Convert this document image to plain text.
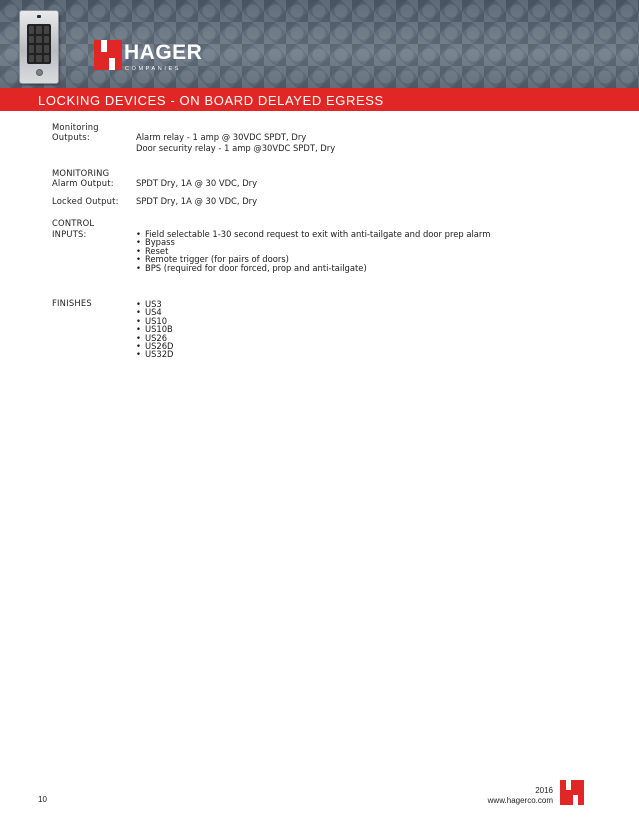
HAGER
COMPANIES
LOCKING DEVICES - ON BOARD DELAYED EGRESS
Monitoring
Outputs:	Alarm relay - 1 amp @ 30VDC SPDT, Dry
Door security relay - 1 amp @30VDC SPDT, Dry
MONITORING
Alarm Output:	SPDT Dry, 1A @ 30 VDC, Dry
Locked Output: SPDT Dry, 1A @ 30 VDC, Dry
CONTROL
INPUTS:	• Field selectable 1-30 second request to exit with anti-tailgate and door prep alarm
• Bypass
• Reset
• Remote trigger (for pairs of doors)
• BPS (required for door forced, prop and anti-tailgate)
FINISHES	• US3
• US4
• US10
• US10B
• US26
• US26D
• US32D
10
2016
www.hagerco.com
